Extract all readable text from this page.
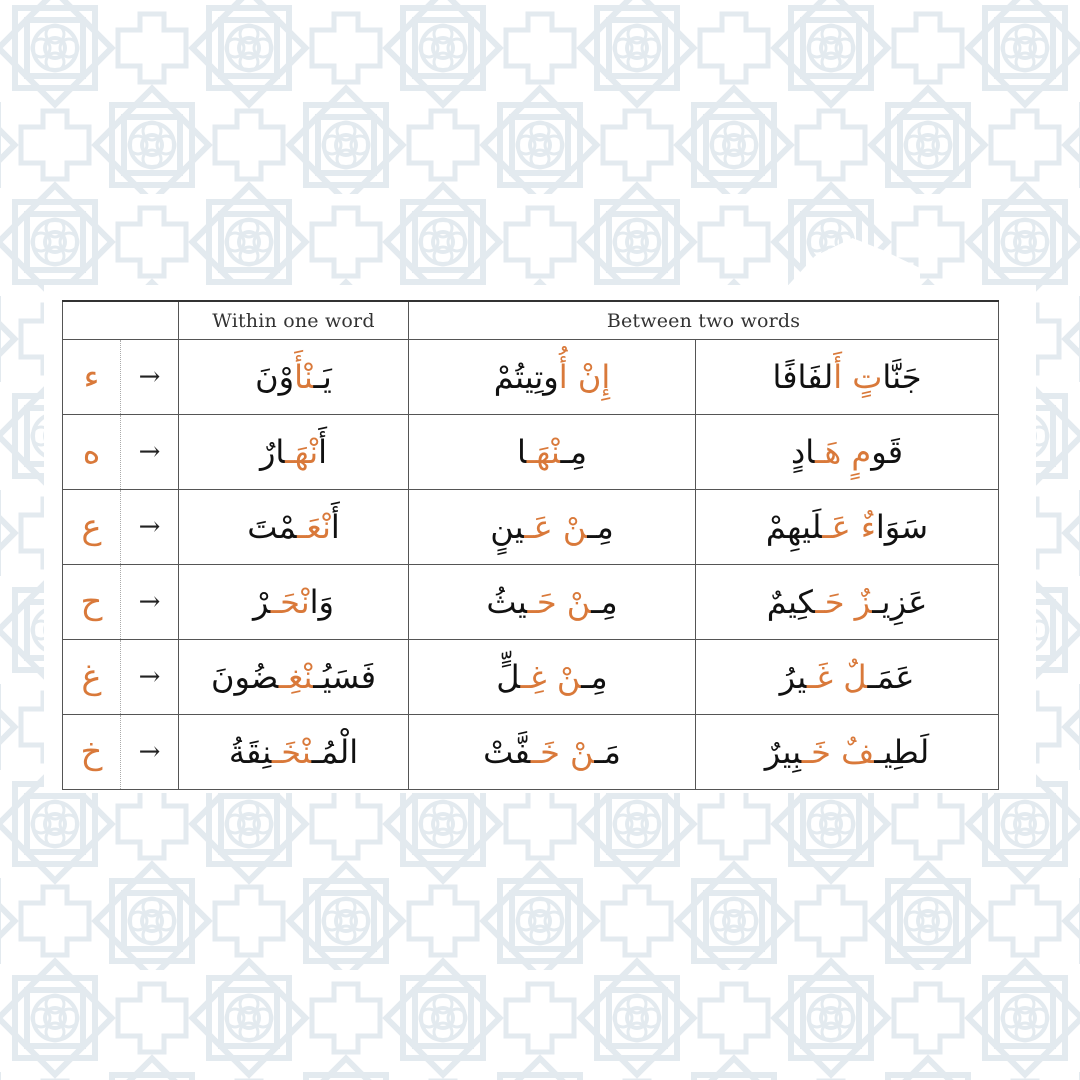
		Within one word	Between two words	
ء	→	يَـنْأَوْنَ	إِنْ أُوتِيتُمْ	جَنَّاتٍ أَلفَافًا
ه	→	أَنْهَـارٌ	مِـنْهَـا	قَومٍ هَـادٍ
ع	→	أَنْعَـمْتَ	مِـنْ عَـينٍ	سَوَاءٌ عَـلَيهِمْ
ح	→	وَانْحَـرْ	مِـنْ حَـيثُ	عَزِيـزٌ حَـكِيمٌ
غ	→	فَسَيُـنْغِـضُونَ	مِـنْ غِـلٍّ	عَمَـلٌ غَـيرُ
خ	→	الْمُـنْخَـنِقَةُ	مَـنْ خَـفَّتْ	لَطِيـفٌ خَـبِيرٌ
